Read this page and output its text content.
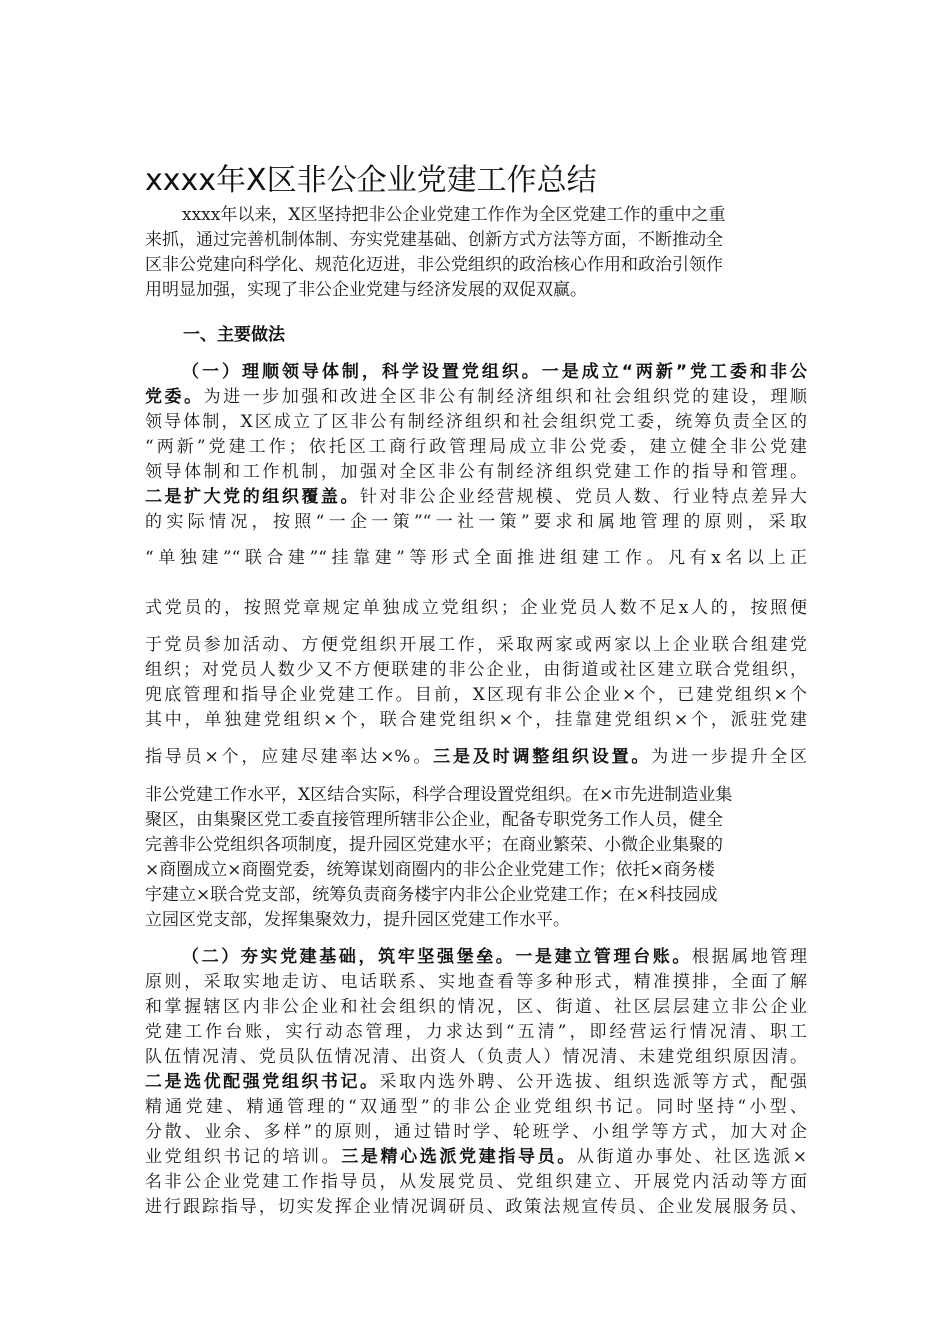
xxxx年X区非公企业党建工作总结
xxxx年以来，X区坚持把非公企业党建工作作为全区党建工作的重中之重
来抓，通过完善机制体制、夯实党建基础、创新方式方法等方面，不断推动全
区非公党建向科学化、规范化迈进，非公党组织的政治核心作用和政治引领作
用明显加强，实现了非公企业党建与经济发展的双促双赢。
一、主要做法
（一）理顺领导体制，科学设置党组织。一是成立“两新”党工委和非公
党委。为进一步加强和改进全区非公有制经济组织和社会组织党的建设，理顺
领导体制，X区成立了区非公有制经济组织和社会组织党工委，统筹负责全区的
“两新”党建工作；依托区工商行政管理局成立非公党委，建立健全非公党建
领导体制和工作机制，加强对全区非公有制经济组织党建工作的指导和管理。
二是扩大党的组织覆盖。针对非公企业经营规模、党员人数、行业特点差异大
的实际情况，按照“一企一策”“一社一策”要求和属地管理的原则，采取
“单独建”“联合建”“挂靠建”等形式全面推进组建工作。凡有x名以上正
式党员的，按照党章规定单独成立党组织；企业党员人数不足x人的，按照便
于党员参加活动、方便党组织开展工作，采取两家或两家以上企业联合组建党
组织；对党员人数少又不方便联建的非公企业，由街道或社区建立联合党组织，
兜底管理和指导企业党建工作。目前，X区现有非公企业×个，已建党组织×个
其中，单独建党组织×个，联合建党组织×个，挂靠建党组织×个，派驻党建
指导员×个，应建尽建率达×%。三是及时调整组织设置。为进一步提升全区
非公党建工作水平，X区结合实际，科学合理设置党组织。在×市先进制造业集
聚区，由集聚区党工委直接管理所辖非公企业，配备专职党务工作人员，健全
完善非公党组织各项制度，提升园区党建水平；在商业繁荣、小微企业集聚的
×商圈成立×商圈党委，统筹谋划商圈内的非公企业党建工作；依托×商务楼
宇建立×联合党支部，统筹负责商务楼宇内非公企业党建工作；在×科技园成
立园区党支部，发挥集聚效力，提升园区党建工作水平。
（二）夯实党建基础，筑牢坚强堡垒。一是建立管理台账。根据属地管理
原则，采取实地走访、电话联系、实地查看等多种形式，精准摸排，全面了解
和掌握辖区内非公企业和社会组织的情况，区、街道、社区层层建立非公企业
党建工作台账，实行动态管理，力求达到“五清”，即经营运行情况清、职工
队伍情况清、党员队伍情况清、出资人（负责人）情况清、未建党组织原因清。
二是选优配强党组织书记。采取内选外聘、公开选拔、组织选派等方式，配强
精通党建、精通管理的“双通型”的非公企业党组织书记。同时坚持“小型、
分散、业余、多样”的原则，通过错时学、轮班学、小组学等方式，加大对企
业党组织书记的培训。三是精心选派党建指导员。从街道办事处、社区选派×
名非公企业党建工作指导员，从发展党员、党组织建立、开展党内活动等方面
进行跟踪指导，切实发挥企业情况调研员、政策法规宣传员、企业发展服务员、
